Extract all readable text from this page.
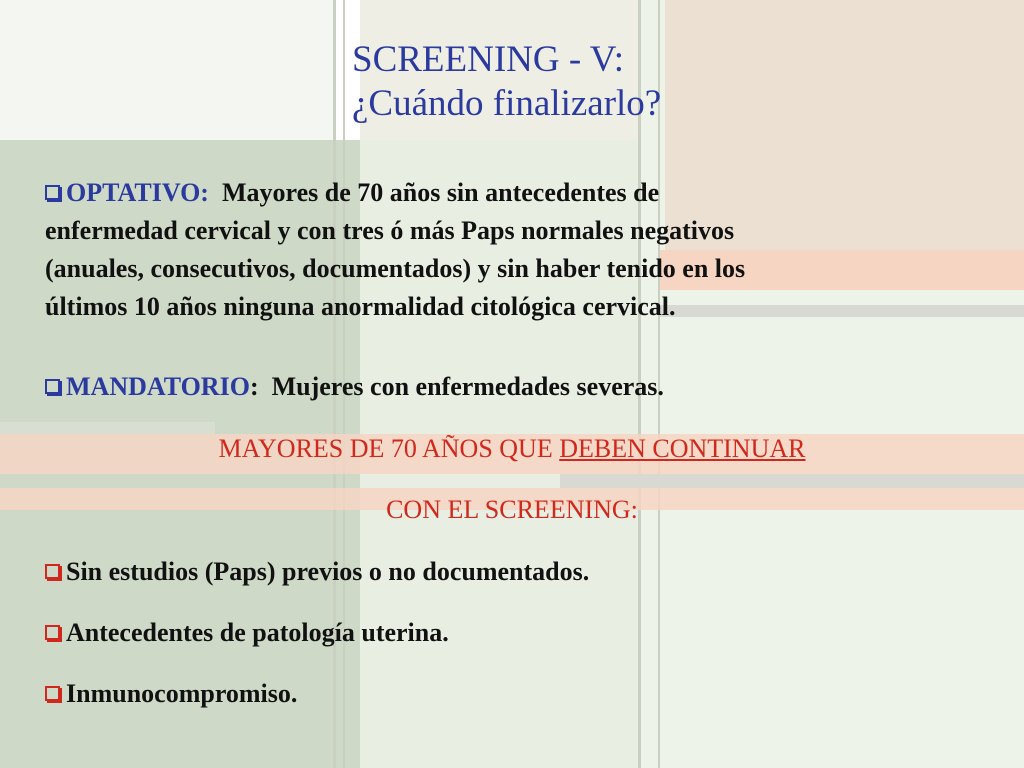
SCREENING - V:
¿Cuándo finalizarlo?
OPTATIVO: Mayores de 70 años sin antecedentes de
enfermedad cervical y con tres ó más Paps normales negativos
(anuales, consecutivos, documentados) y sin haber tenido en los
últimos 10 años ninguna anormalidad citológica cervical.
MANDATORIO: Mujeres con enfermedades severas.
MAYORES DE 70 AÑOS QUE DEBEN CONTINUAR
CON EL SCREENING:
Sin estudios (Paps) previos o no documentados.
Antecedentes de patología uterina.
Inmunocompromiso.
